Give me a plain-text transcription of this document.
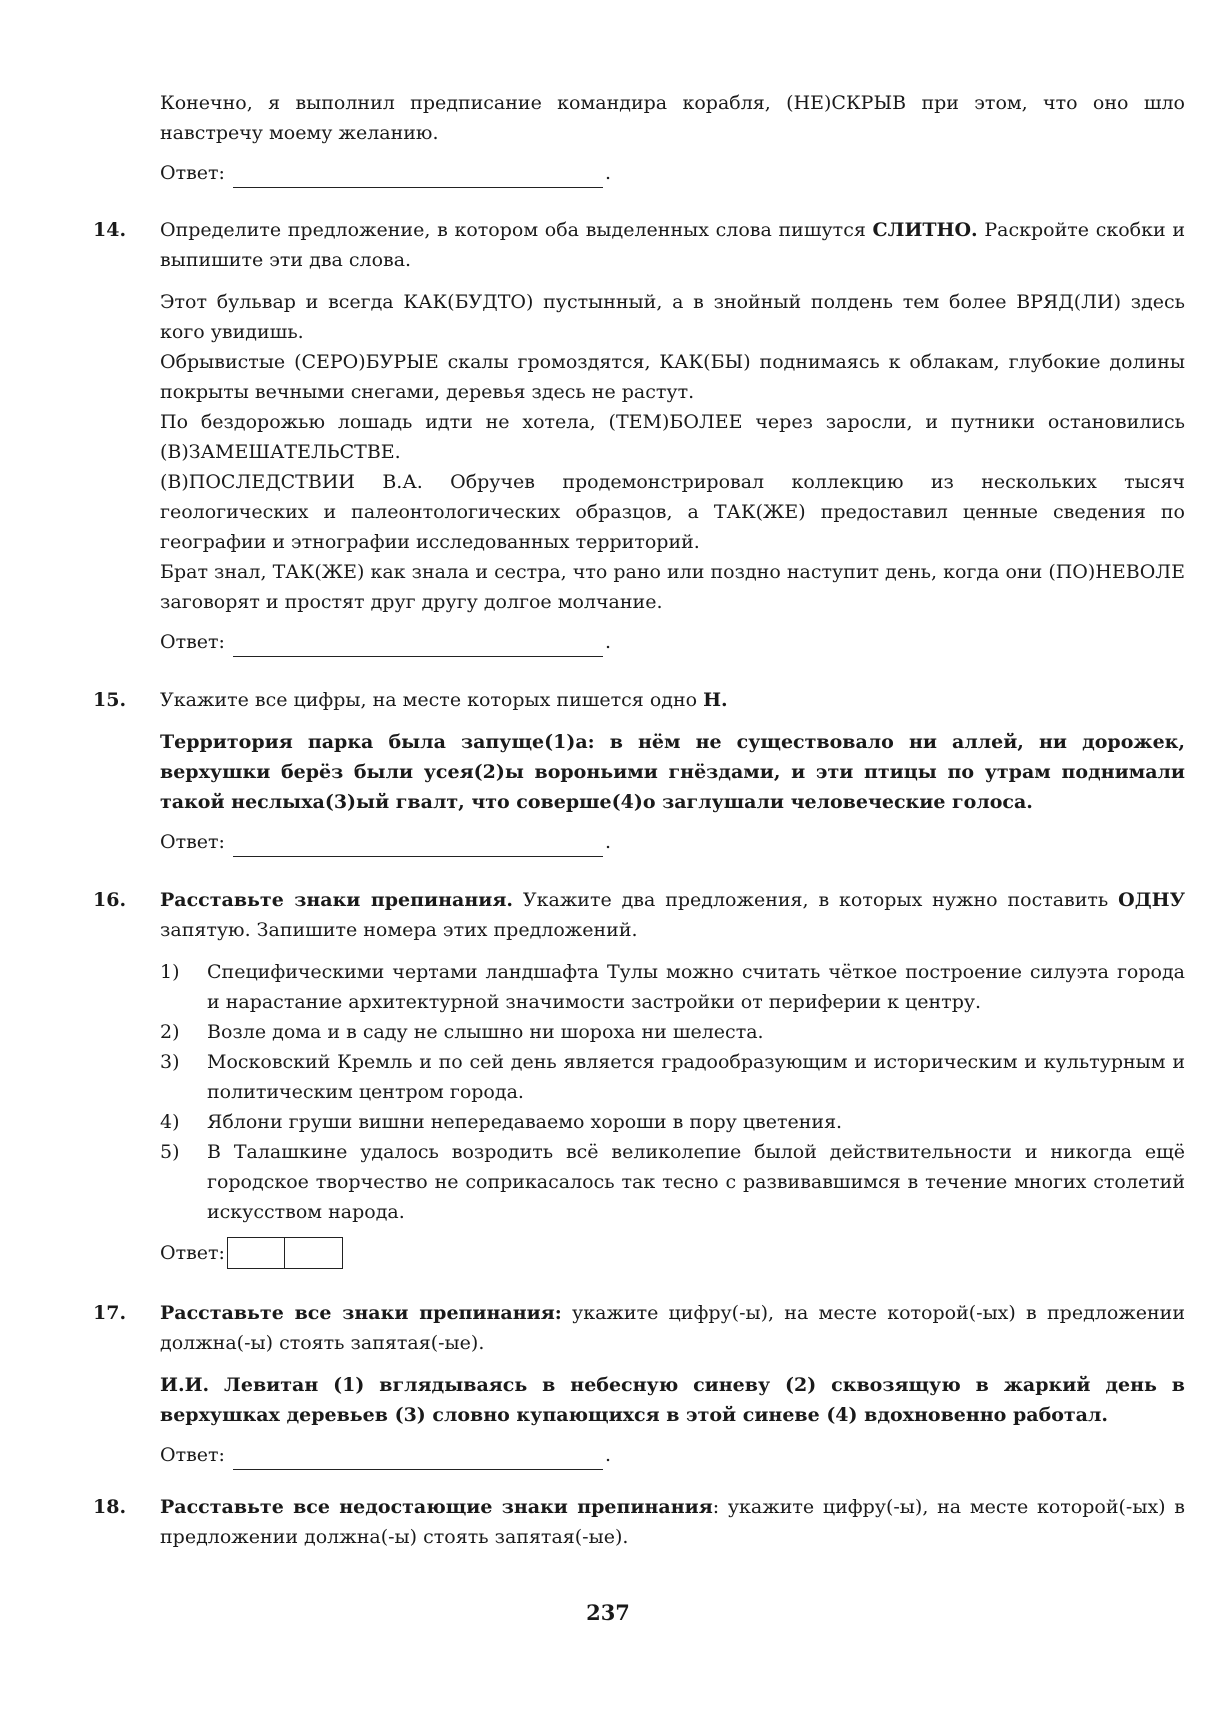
Конечно, я выполнил предписание командира корабля, (НЕ)СКРЫВ при этом, что оно шло навстречу моему желанию.

Ответ:	.
14.	Определите предложение, в котором оба выделенных слова пишутся СЛИТНО. Раскройте скобки и выпишите эти два слова.

Этот бульвар и всегда КАК(БУДТО) пустынный, а в знойный полдень тем более ВРЯД(ЛИ) здесь кого увидишь.

Обрывистые (СЕРО)БУРЫЕ скалы громоздятся, КАК(БЫ) поднимаясь к облакам, глубокие долины покрыты вечными снегами, деревья здесь не растут.

По бездорожью лошадь идти не хотела, (ТЕМ)БОЛЕЕ через заросли, и путники остановились (В)ЗАМЕШАТЕЛЬСТВЕ.

(В)ПОСЛЕДСТВИИ В.А. Обручев продемонстрировал коллекцию из нескольких тысяч геологических и палеонтологических образцов, а ТАК(ЖЕ) предоставил ценные сведения по географии и этнографии исследованных территорий.

Брат знал, ТАК(ЖЕ) как знала и сестра, что рано или поздно наступит день, когда они (ПО)НЕВОЛЕ заговорят и простят друг другу долгое молчание.

Ответ:	.
15.	Укажите все цифры, на месте которых пишется одно Н.

Территория парка была запуще(1)а: в нём не существовало ни аллей, ни дорожек, верхушки берёз были усея(2)ы вороньими гнёздами, и эти птицы по утрам поднимали такой неслыха(3)ый гвалт, что соверше(4)о заглушали человеческие голоса.

Ответ:	.
16.	Расставьте знаки препинания. Укажите два предложения, в которых нужно поставить ОДНУ запятую. Запишите номера этих предложений.

1)	Специфическими чертами ландшафта Тулы можно считать чёткое построение силуэта города и нарастание архитектурной значимости застройки от периферии к центру.
2)	Возле дома и в саду не слышно ни шороха ни шелеста.
3)	Московский Кремль и по сей день является градообразующим и историческим и культурным и политическим центром города.
4)	Яблони груши вишни непередаваемо хороши в пору цветения.
5)	В Талашкине удалось возродить всё великолепие былой действительности и никогда ещё городское творчество не соприкасалось так тесно с развивавшимся в течение многих столетий искусством народа.
Ответ:
17.	Расставьте все знаки препинания: укажите цифру(-ы), на месте которой(-ых) в предложении должна(-ы) стоять запятая(-ые).

И.И. Левитан (1) вглядываясь в небесную синеву (2) сквозящую в жаркий день в верхушках деревьев (3) словно купающихся в этой синеве (4) вдохновенно работал.

Ответ:	.
18.	Расставьте все недостающие знаки препинания: укажите цифру(-ы), на месте которой(-ых) в предложении должна(-ы) стоять запятая(-ые).

237
